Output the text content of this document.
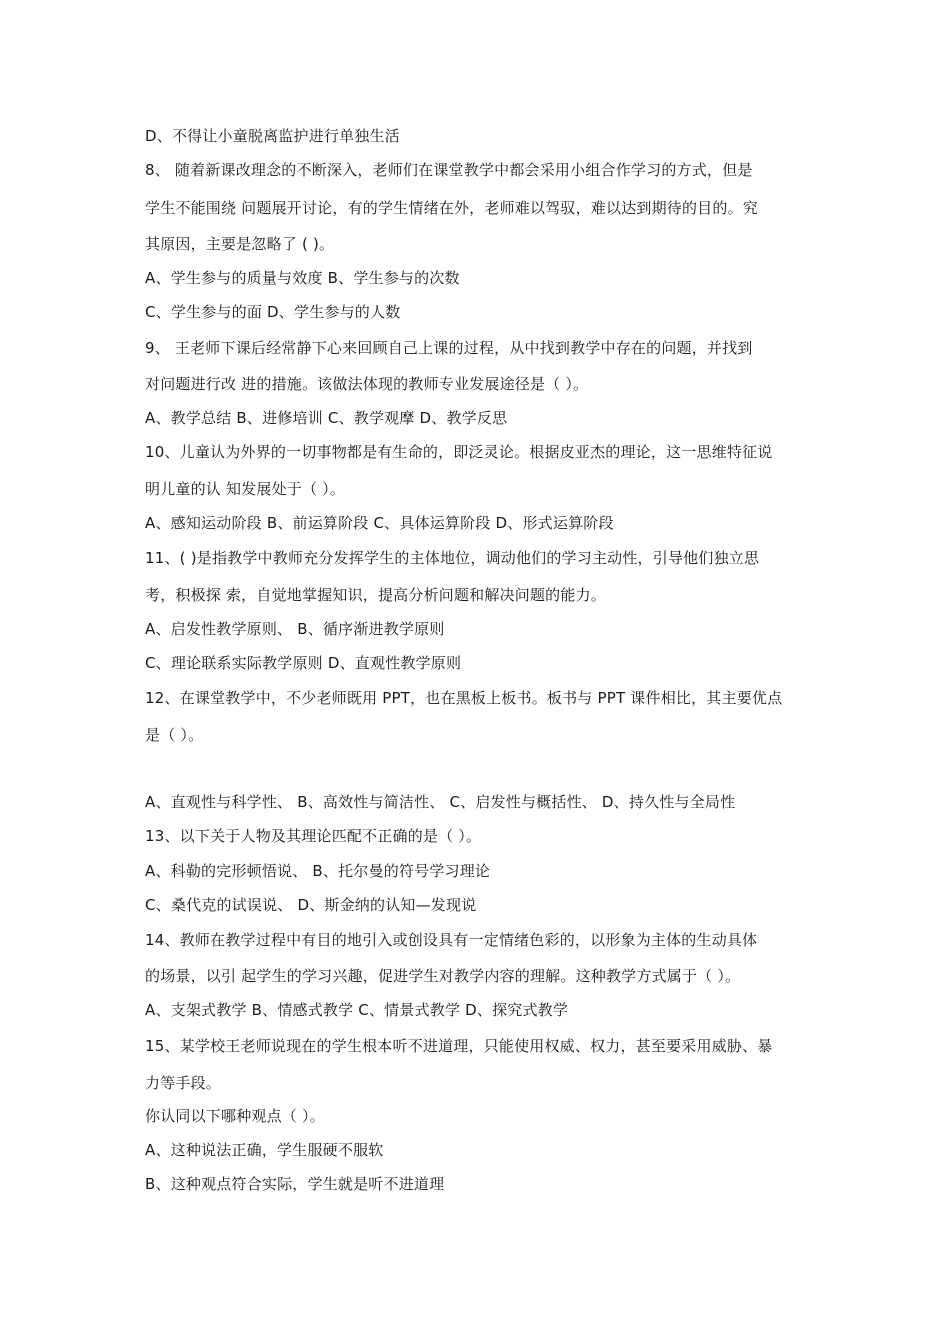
D、不得让小童脱离监护进行单独生活
8、 随着新课改理念的不断深入，老师们在课堂教学中都会采用小组合作学习的方式，但是
学生不能围绕 问题展开讨论，有的学生情绪在外，老师难以驾驭，难以达到期待的目的。究
其原因，主要是忽略了 ( )。
A、学生参与的质量与效度 B、学生参与的次数
C、学生参与的面 D、学生参与的人数
9、 王老师下课后经常静下心来回顾自己上课的过程，从中找到教学中存在的问题，并找到
对问题进行改 进的措施。该做法体现的教师专业发展途径是（ ）。
A、教学总结 B、进修培训 C、教学观摩 D、教学反思
10、儿童认为外界的一切事物都是有生命的，即泛灵论。根据皮亚杰的理论，这一思维特征说
明儿童的认 知发展处于（ ）。
A、感知运动阶段 B、前运算阶段 C、具体运算阶段 D、形式运算阶段
11、( )是指教学中教师充分发挥学生的主体地位，调动他们的学习主动性，引导他们独立思
考，积极探 索，自觉地掌握知识，提高分析问题和解决问题的能力。
A、启发性教学原则、 B、循序渐进教学原则
C、理论联系实际教学原则 D、直观性教学原则
12、在课堂教学中，不少老师既用 PPT，也在黑板上板书。板书与 PPT 课件相比，其主要优点
是（ ）。
A、直观性与科学性、 B、高效性与简洁性、 C、启发性与概括性、 D、持久性与全局性
13、以下关于人物及其理论匹配不正确的是（ ）。
A、科勒的完形顿悟说、 B、托尔曼的符号学习理论
C、桑代克的试误说、 D、斯金纳的认知—发现说
14、教师在教学过程中有目的地引入或创设具有一定情绪色彩的，以形象为主体的生动具体
的场景，以引 起学生的学习兴趣，促进学生对教学内容的理解。这种教学方式属于（ ）。
A、支架式教学 B、情感式教学 C、情景式教学 D、探究式教学
15、某学校王老师说现在的学生根本听不进道理，只能使用权威、权力，甚至要采用威胁、暴
力等手段。
你认同以下哪种观点（ ）。
A、这种说法正确，学生服硬不服软
B、这种观点符合实际，学生就是听不进道理
